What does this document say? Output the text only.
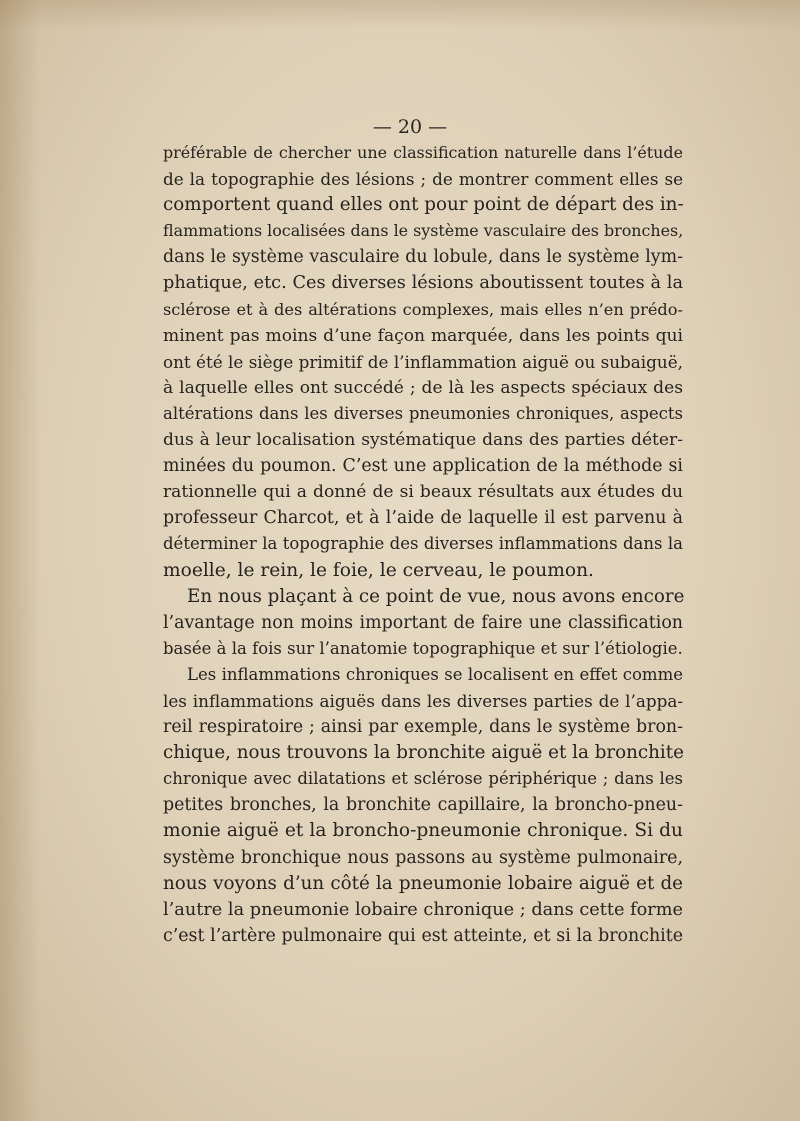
— 20 —
préférable de chercher une classification naturelle dans l’étude
de la topographie des lésions ; de montrer comment elles se
comportent quand elles ont pour point de départ des in-
flammations localisées dans le système vasculaire des bronches,
dans le système vasculaire du lobule, dans le système lym-
phatique, etc. Ces diverses lésions aboutissent toutes à la
sclérose et à des altérations complexes, mais elles n’en prédo-
minent pas moins d’une façon marquée, dans les points qui
ont été le siège primitif de l’inflammation aiguë ou subaiguë,
à laquelle elles ont succédé ; de là les aspects spéciaux des
altérations dans les diverses pneumonies chroniques, aspects
dus à leur localisation systématique dans des parties déter-
minées du poumon. C’est une application de la méthode si
rationnelle qui a donné de si beaux résultats aux études du
professeur Charcot, et à l’aide de laquelle il est parvenu à
déterminer la topographie des diverses inflammations dans la
moelle, le rein, le foie, le cerveau, le poumon.
En nous plaçant à ce point de vue, nous avons encore
l’avantage non moins important de faire une classification
basée à la fois sur l’anatomie topographique et sur l’étiologie.
Les inflammations chroniques se localisent en effet comme
les inflammations aiguës dans les diverses parties de l’appa-
reil respiratoire ; ainsi par exemple, dans le système bron-
chique, nous trouvons la bronchite aiguë et la bronchite
chronique avec dilatations et sclérose périphérique ; dans les
petites bronches, la bronchite capillaire, la broncho-pneu-
monie aiguë et la broncho-pneumonie chronique. Si du
système bronchique nous passons au système pulmonaire,
nous voyons d’un côté la pneumonie lobaire aiguë et de
l’autre la pneumonie lobaire chronique ; dans cette forme
c’est l’artère pulmonaire qui est atteinte, et si la bronchite
